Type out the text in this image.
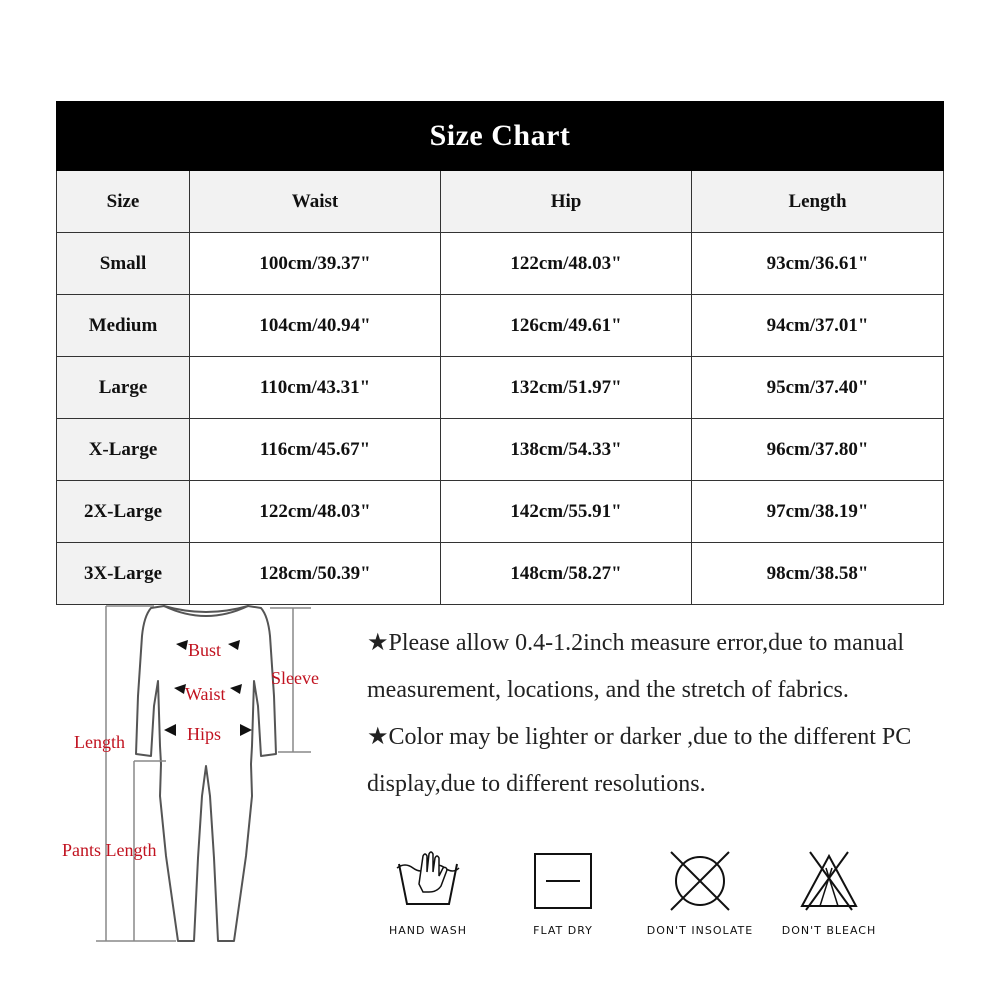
Size Chart			
Size	Waist	Hip	Length
Small	100cm/39.37"	122cm/48.03"	93cm/36.61"
Medium	104cm/40.94"	126cm/49.61"	94cm/37.01"
Large	110cm/43.31"	132cm/51.97"	95cm/37.40"
X-Large	116cm/45.67"	138cm/54.33"	96cm/37.80"
2X-Large	122cm/48.03"	142cm/55.91"	97cm/38.19"
3X-Large	128cm/50.39"	148cm/58.27"	98cm/38.58"
Bust
Waist
Hips
Sleeve
Length
Pants Length

★Please allow 0.4-1.2inch measure error,due to manual measurement, locations, and the stretch of fabrics.

★Color may be lighter or darker ,due to the different PC display,due to different resolutions.

HAND WASH	FLAT DRY	DON'T INSOLATE	DON'T BLEACH
